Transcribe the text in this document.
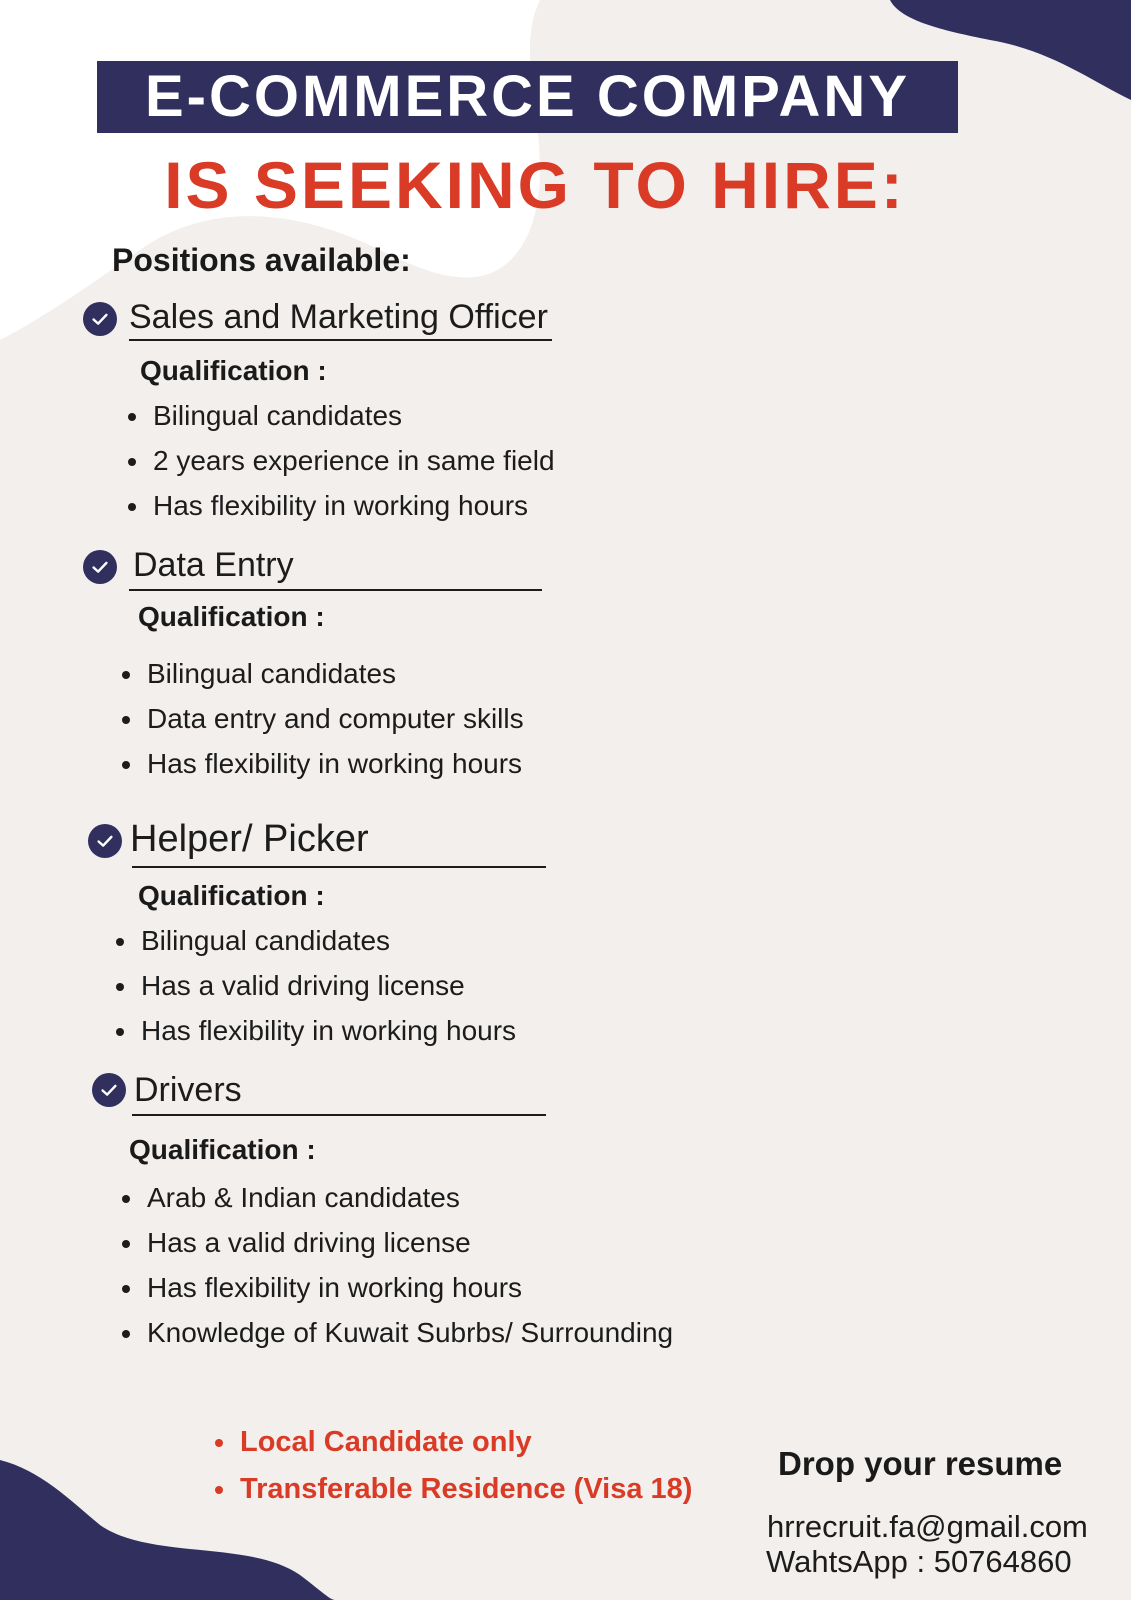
E-COMMERCE COMPANY
IS SEEKING TO HIRE:
Positions available:
Sales and Marketing Officer
Qualification :
Bilingual candidates
2 years experience in same field
Has flexibility in working hours
Data Entry
Qualification :
Bilingual candidates
Data entry and computer skills
Has flexibility in working hours
Helper/ Picker
Qualification :
Bilingual candidates
Has a valid driving license
Has flexibility in working hours
Drivers
Qualification :
Arab & Indian candidates
Has a valid driving license
Has flexibility in working hours
Knowledge of Kuwait Subrbs/ Surrounding
Local Candidate only
Transferable Residence (Visa 18)
Drop your resume
hrrecruit.fa@gmail.com
WahtsApp : 50764860
